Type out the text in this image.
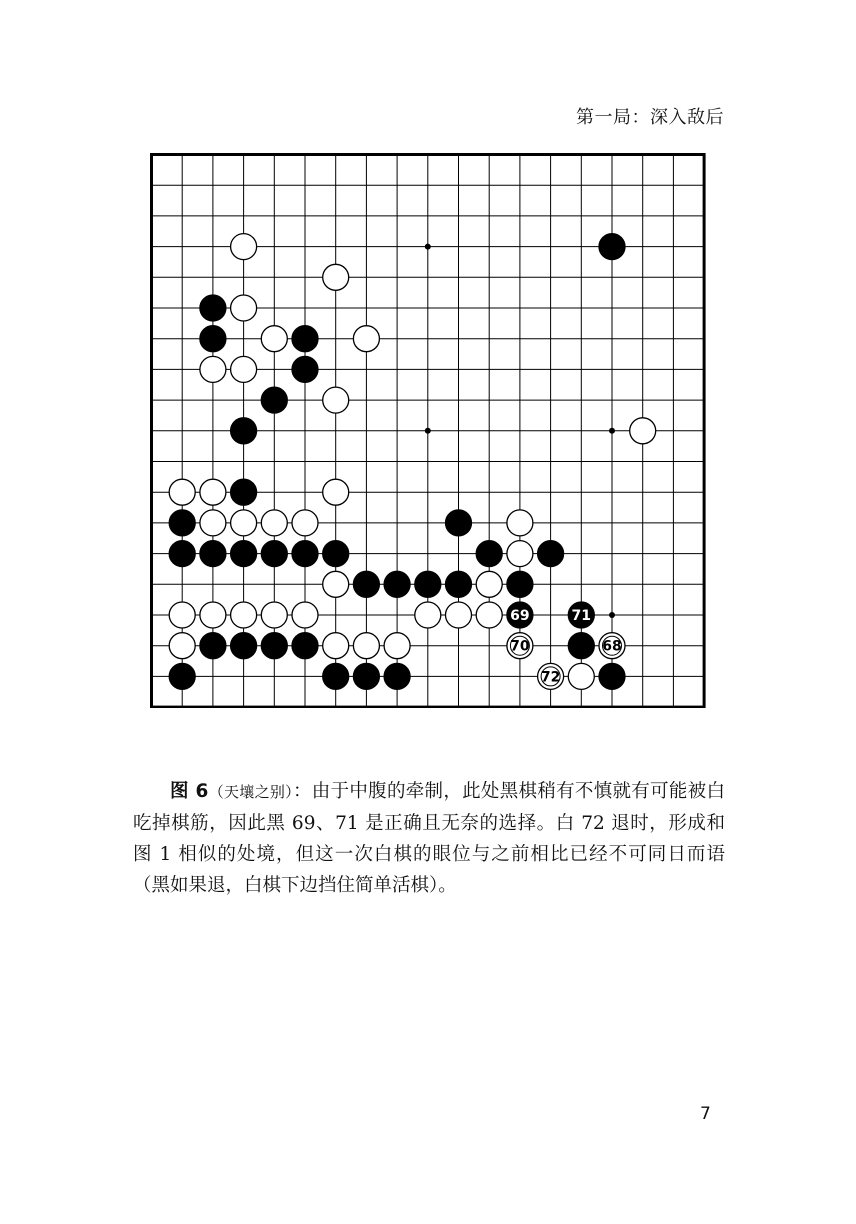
第一局：深入敌后
68
69
70
71
72

图 6（天壤之别）：由于中腹的牵制，此处黑棋稍有不慎就有可能被白吃掉棋筋，因此黑 69、71 是正确且无奈的选择。白 72 退时，形成和图 1 相似的处境，但这一次白棋的眼位与之前相比已经不可同日而语（黑如果退，白棋下边挡住简单活棋）。

7
